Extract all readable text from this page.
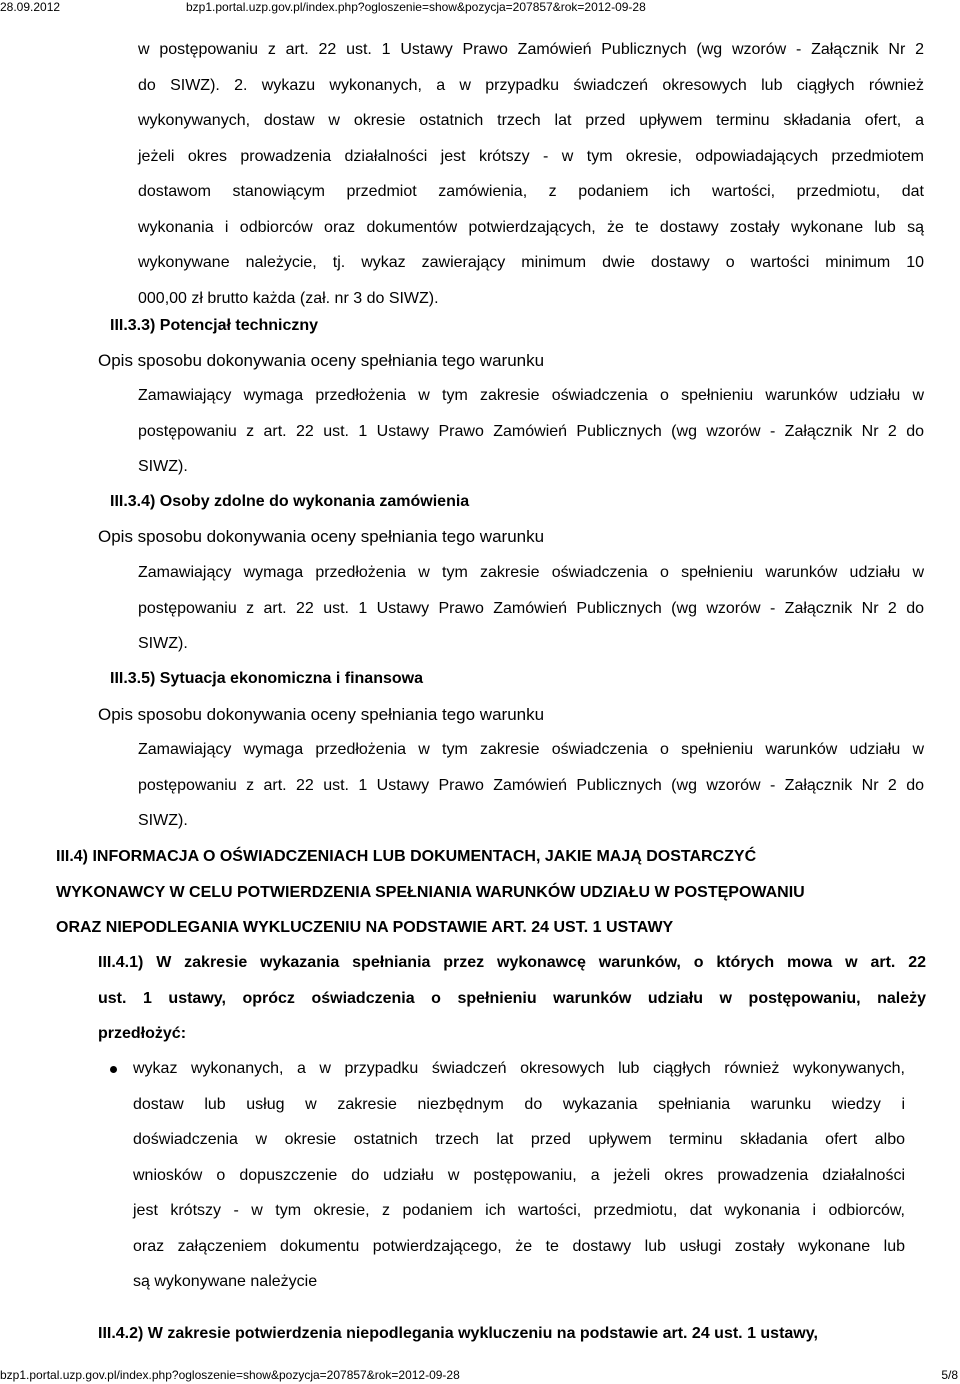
28.09.2012	bzp1.portal.uzp.gov.pl/index.php?ogloszenie=show&pozycja=207857&rok=2012-09-28
w postępowaniu z art. 22 ust. 1 Ustawy Prawo Zamówień Publicznych (wg wzorów - Załącznik Nr 2
do SIWZ). 2. wykazu wykonanych, a w przypadku świadczeń okresowych lub ciągłych również
wykonywanych, dostaw w okresie ostatnich trzech lat przed upływem terminu składania ofert, a
jeżeli okres prowadzenia działalności jest krótszy - w tym okresie, odpowiadających przedmiotem
dostawom stanowiącym przedmiot zamówienia, z podaniem ich wartości, przedmiotu, dat
wykonania i odbiorców oraz dokumentów potwierdzających, że te dostawy zostały wykonane lub są
wykonywane należycie, tj. wykaz zawierający minimum dwie dostawy o wartości minimum 10
000,00 zł brutto każda (zał. nr 3 do SIWZ).
III.3.3) Potencjał techniczny
Opis sposobu dokonywania oceny spełniania tego warunku
Zamawiający wymaga przedłożenia w tym zakresie oświadczenia o spełnieniu warunków udziału w
postępowaniu z art. 22 ust. 1 Ustawy Prawo Zamówień Publicznych (wg wzorów - Załącznik Nr 2 do
SIWZ).
III.3.4) Osoby zdolne do wykonania zamówienia
Opis sposobu dokonywania oceny spełniania tego warunku
Zamawiający wymaga przedłożenia w tym zakresie oświadczenia o spełnieniu warunków udziału w
postępowaniu z art. 22 ust. 1 Ustawy Prawo Zamówień Publicznych (wg wzorów - Załącznik Nr 2 do
SIWZ).
III.3.5) Sytuacja ekonomiczna i finansowa
Opis sposobu dokonywania oceny spełniania tego warunku
Zamawiający wymaga przedłożenia w tym zakresie oświadczenia o spełnieniu warunków udziału w
postępowaniu z art. 22 ust. 1 Ustawy Prawo Zamówień Publicznych (wg wzorów - Załącznik Nr 2 do
SIWZ).
III.4) INFORMACJA O OŚWIADCZENIACH LUB DOKUMENTACH, JAKIE MAJĄ DOSTARCZYĆ
WYKONAWCY W CELU POTWIERDZENIA SPEŁNIANIA WARUNKÓW UDZIAŁU W POSTĘPOWANIU
ORAZ NIEPODLEGANIA WYKLUCZENIU NA PODSTAWIE ART. 24 UST. 1 USTAWY
III.4.1) W zakresie wykazania spełniania przez wykonawcę warunków, o których mowa w art. 22
ust. 1 ustawy, oprócz oświadczenia o spełnieniu warunków udziału w postępowaniu, należy
przedłożyć:
wykaz wykonanych, a w przypadku świadczeń okresowych lub ciągłych również wykonywanych,
dostaw lub usług w zakresie niezbędnym do wykazania spełniania warunku wiedzy i
doświadczenia w okresie ostatnich trzech lat przed upływem terminu składania ofert albo
wniosków o dopuszczenie do udziału w postępowaniu, a jeżeli okres prowadzenia działalności
jest krótszy - w tym okresie, z podaniem ich wartości, przedmiotu, dat wykonania i odbiorców,
oraz załączeniem dokumentu potwierdzającego, że te dostawy lub usługi zostały wykonane lub
są wykonywane należycie
III.4.2) W zakresie potwierdzenia niepodlegania wykluczeniu na podstawie art. 24 ust. 1 ustawy,
bzp1.portal.uzp.gov.pl/index.php?ogloszenie=show&pozycja=207857&rok=2012-09-28	5/8
